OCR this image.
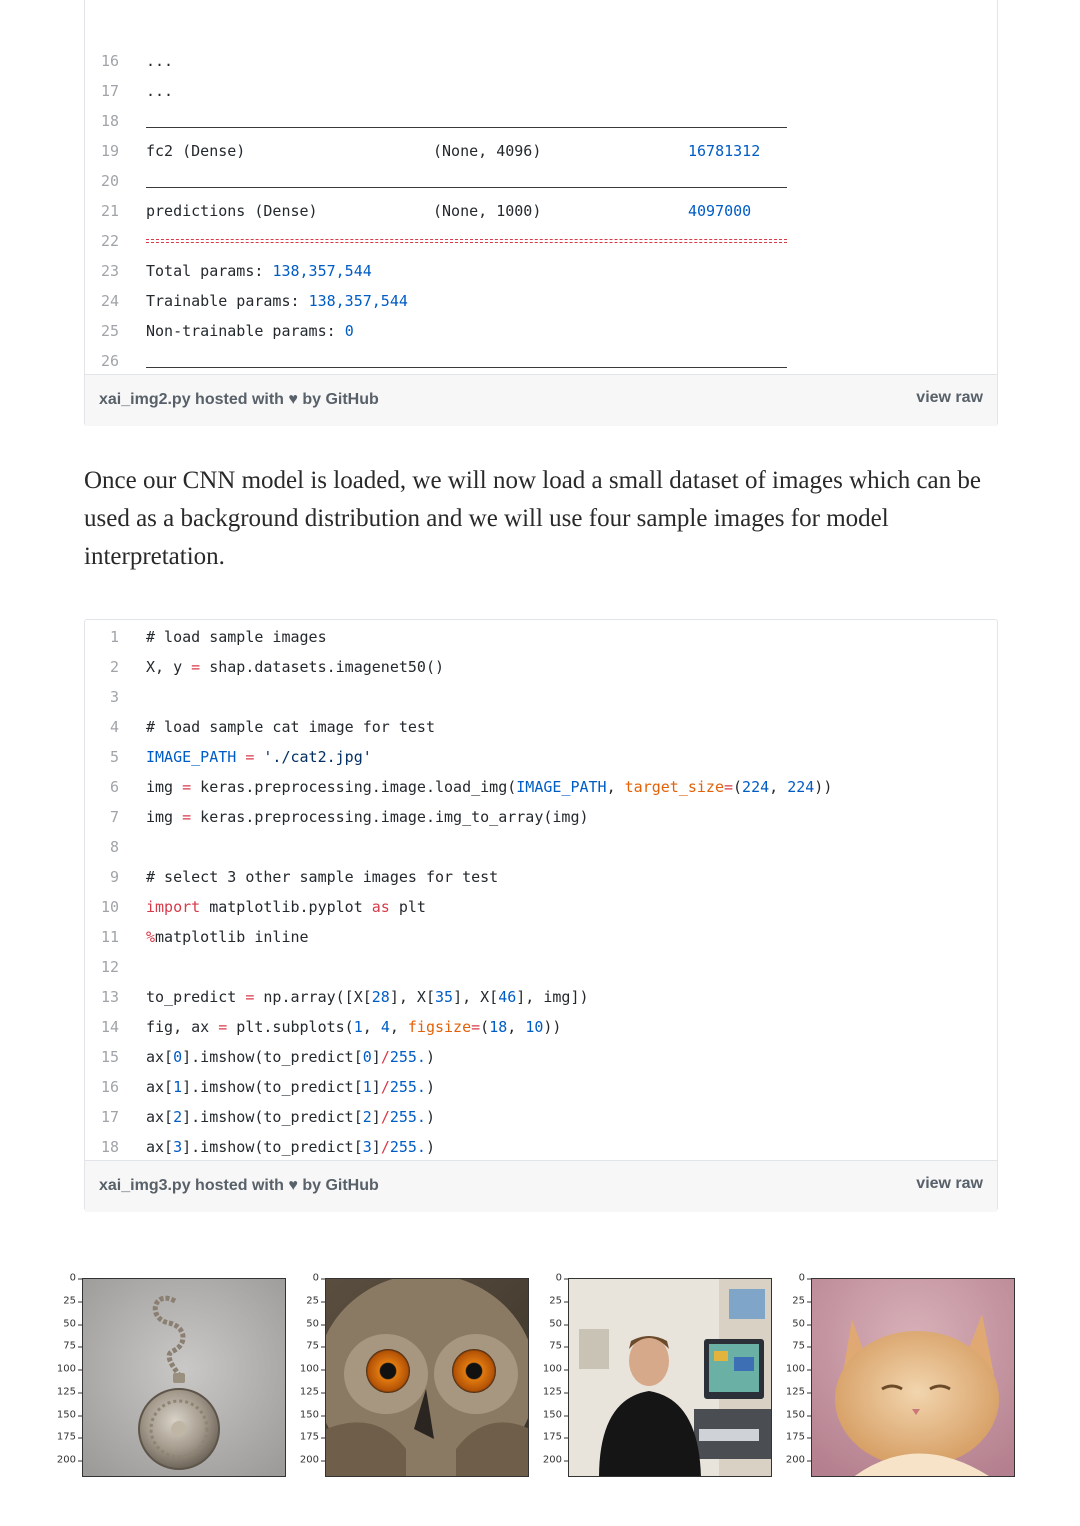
16 ...
17 ...
18
19 fc2 (Dense)	(None, 4096)	16781312
20
21 predictions (Dense)	(None, 1000)	4097000
22
23 Total params: 138,357,544
24 Trainable params: 138,357,544
25 Non-trainable params: 0
26
xai_img2.py hosted with ♥ by GitHub	view raw

Once our CNN model is loaded, we will now load a small dataset of images which can be used as a background distribution and we will use four sample images for model interpretation.

1 # load sample images
2 X, y = shap.datasets.imagenet50()
3
4 # load sample cat image for test
5 IMAGE_PATH = './cat2.jpg'
6 img = keras.preprocessing.image.load_img(IMAGE_PATH, target_size=(224, 224))
7 img = keras.preprocessing.image.img_to_array(img)
8
9 # select 3 other sample images for test
10 import matplotlib.pyplot as plt
11 %matplotlib inline
12
13 to_predict = np.array([X[28], X[35], X[46], img])
14 fig, ax = plt.subplots(1, 4, figsize=(18, 10))
15 ax[0].imshow(to_predict[0]/255.)
16 ax[1].imshow(to_predict[1]/255.)
17 ax[2].imshow(to_predict[2]/255.)
18 ax[3].imshow(to_predict[3]/255.)
xai_img3.py hosted with ♥ by GitHub	view raw
0
25
50
75
100
125
150
175
200
0
25
50
75
100
125
150
175
200
0
25
50
75
100
125
150
175
200
0
25
50
75
100
125
150
175
200
